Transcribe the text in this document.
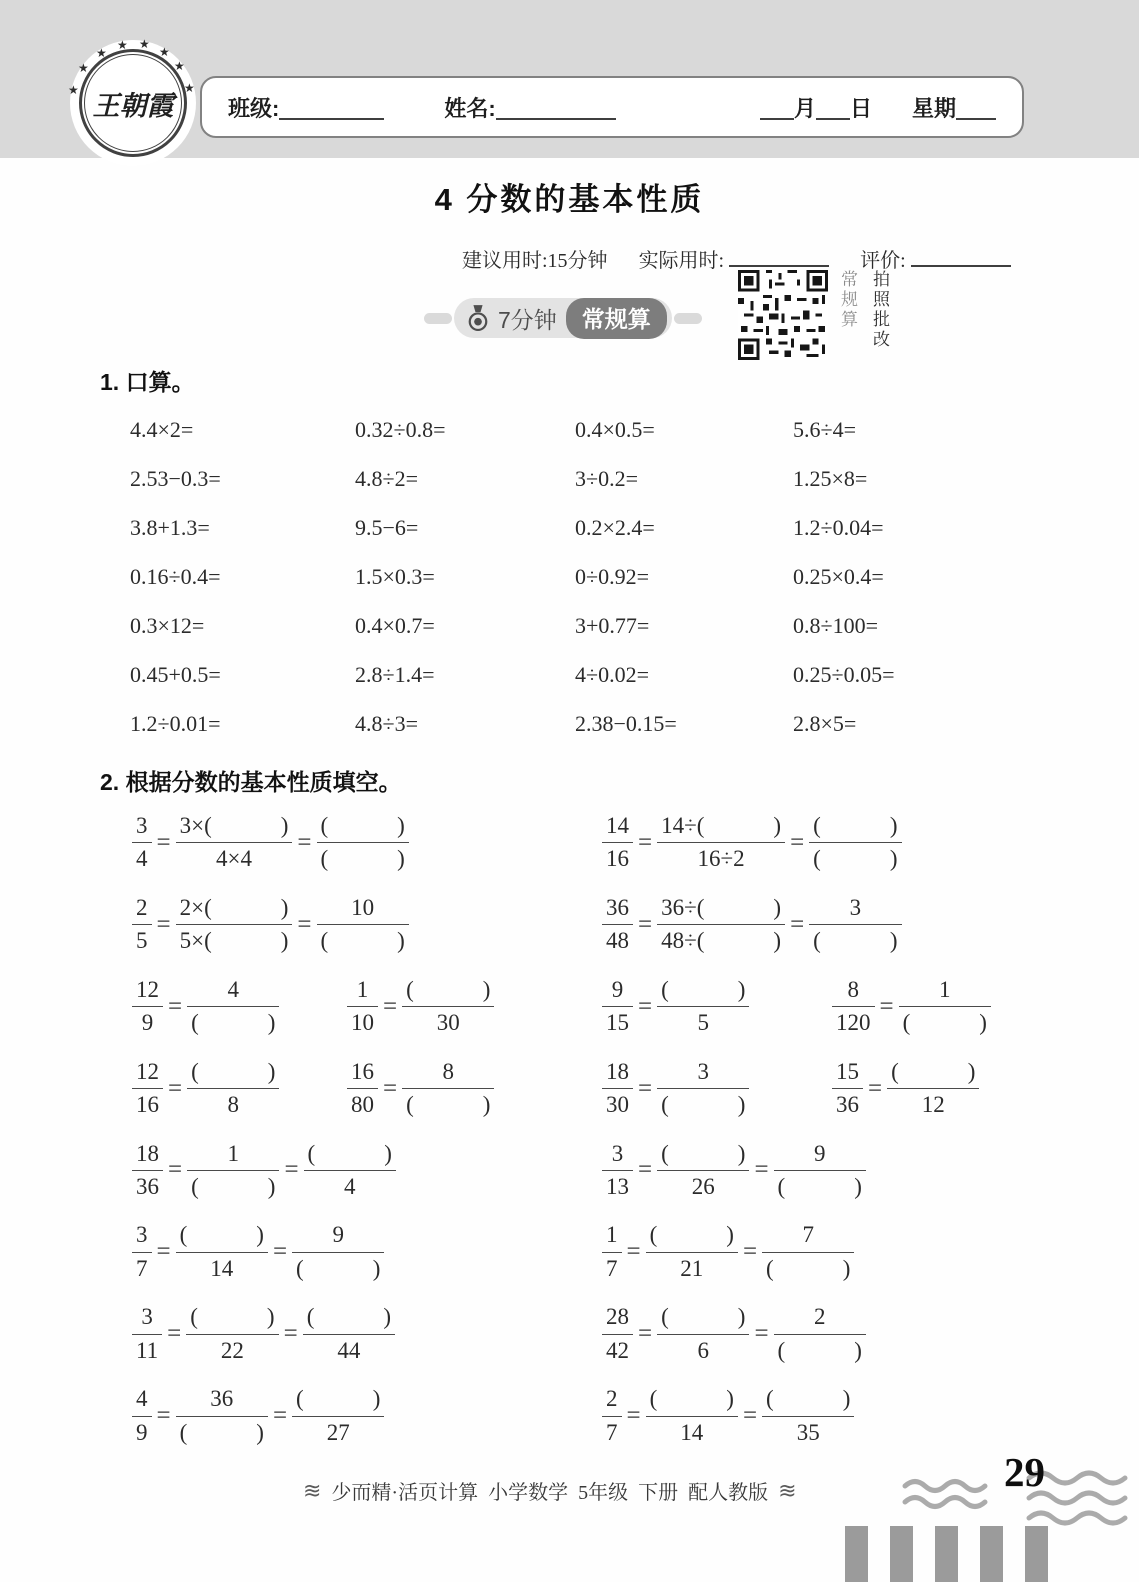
★
★
★
★ ★
★
★
★
王朝霞 班级:	姓名:	月 日 星期
4 分数的基本性质
建议用时:15分钟 实际用时:	评价:
7分钟	常规算	常规算 拍照批改
1. 口算。
4.4×2=	0.32÷0.8=	0.4×0.5=	5.6÷4=
2.53−0.3=	4.8÷2=	3÷0.2=	1.25×8=
3.8+1.3=	9.5−6=	0.2×2.4=	1.2÷0.04=
0.16÷0.4=	1.5×0.3=	0÷0.92=	0.25×0.4=
0.3×12=	0.4×0.7=	3+0.77=	0.8÷100=
0.45+0.5=	2.8÷1.4=	4÷0.02=	0.25÷0.05=
1.2÷0.01=	4.8÷3=	2.38−0.15=	2.8×5=
2. 根据分数的基本性质填空。
$\frac{3}{4} = \frac{3\times( )}{4\times 4} = \frac{( )}{( )}$	$\frac{14}{16} = \frac{14\div( )}{16\div 2} = \frac{( )}{( )}$
$\frac{2}{5} = \frac{2\times( )}{5\times( )} = \frac{10}{( )}$	$\frac{36}{48} = \frac{36\div( )}{48\div( )} = \frac{3}{( )}$
$\frac{12}{9} = \frac{4}{( )}$	$\frac{1}{10} = \frac{( )}{30}$	$\frac{9}{15} = \frac{( )}{5}$	$\frac{8}{120} = \frac{1}{( )}$
$\frac{12}{16} = \frac{( )}{8}$	$\frac{16}{80} = \frac{8}{( )}$	$\frac{18}{30} = \frac{3}{( )}$	$\frac{15}{36} = \frac{( )}{12}$
$\frac{18}{36} = \frac{1}{( )} = \frac{( )}{4}$	$\frac{3}{13} = \frac{( )}{26} = \frac{9}{( )}$
$\frac{3}{7} = \frac{( )}{14} = \frac{9}{( )}$	$\frac{1}{7} = \frac{( )}{21} = \frac{7}{( )}$
$\frac{3}{11} = \frac{( )}{22} = \frac{( )}{44}$	$\frac{28}{42} = \frac{( )}{6} = \frac{2}{( )}$
$\frac{4}{9} = \frac{36}{( )} = \frac{( )}{27}$	$\frac{2}{7} = \frac{( )}{14} = \frac{( )}{35}$
≋ 少而精·活页计算  小学数学  5年级  下册  配人教版 ≋	29
